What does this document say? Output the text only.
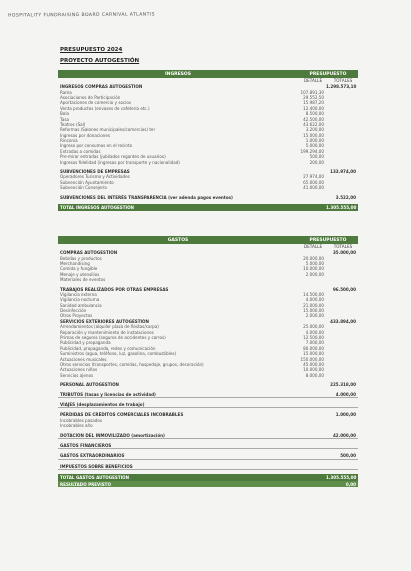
HOSPITALITY FUNDRAISING BOARD CARNIVAL ATLANTIS
PRESUPUESTO 2024
PROYECTO AUTOGESTIÓN
INGRESOS	PRESUPUESTO
DETALLE	TOTALES
INGRESOS COMPRAS AUTOGESTION	1.298.573,10
Rama	107.891,30
Asociaciones de Participación	29.552,50
Aportaciones de comercio y socios	15.987,20
Venta productos (envases de cafetería etc.)	12.400,00
Bola	8.500,00
Tasa	42.500,00
Teatros (Sal)	43.622,00
Reformas (Salones municipales/comercios) ter	3.200,00
Ingresos por donaciones	15.000,00
Rinconia	1.000,00
Ingreso por consumos en el recinto	5.000,00
Entradas a comidas	199.294,00
Pre-mirar entradas (jubilados regantes de usuarios)	500,00
Ingresos fidelidad (ingresos por transporte y nacionalidad)	200,00
SUBVENCIONES DE EMPRESAS	133.974,00
Operadores Turismo y Actividades	27.974,00
Subvención Ayuntamiento	65.000,00
Subvención Consejería	41.000,00
SUBVENCIONES DEL INTERÉS TRANSPARENCIA (ver adenda pagos eventos)	3.522,00
TOTAL INGRESOS AUTOGESTIÓN	1.305.555,00
GASTOS	PRESUPUESTO
DETALLE	TOTALES
COMPRAS AUTOGESTIÓN	35.000,00
Bebidas y productos	20.000,00
Merchandising	5.000,00
Comida y fungible	10.000,00
Menaje y utensilios	2.000,00
Materiales de eventos
TRABAJOS REALIZADOS POR OTRAS EMPRESAS	96.500,00
Vigilancia externa	14.500,00
Vigilancia nocturna	4.000,00
Sanidad ambulancia	21.000,00
Desinfección	15.000,00
Otros Proyectos	2.000,00
SERVICIOS EXTERIORES AUTOGESTIÓN	433.894,00
Arrendamientos (alquiler plaza de fiestas/carpa)	25.000,00
Reparación y mantenimiento de instalaciones	4.000,00
Primas de seguros (seguros de accidentes y carros)	12.500,00
Publicidad y propaganda	7.000,00
Publicidad, propaganda, redes y comunicación	80.000,00
Suministros (agua, teléfono, luz, gasolina, combustibles)	15.000,00
Actuaciones musicales	150.000,00
Otros servicios (transportes, comidas, hospedaje, grupos, decoración)	45.000,00
Actuaciones niños	10.000,00
Servicios ajenos	8.000,00
PERSONAL AUTOGESTIÓN	225.318,00
TRIBUTOS (tasas y licencias de actividad)	4.000,00
VIAJES (desplazamientos de trabajo)
PÉRDIDAS DE CRÉDITOS COMERCIALES INCOBRABLES	1.000,00
Incobrables pasados
Incobrables año
DOTACIÓN DEL INMOVILIZADO (amortización)	42.000,00
GASTOS FINANCIEROS
GASTOS EXTRAORDINARIOS	500,00
IMPUESTOS SOBRE BENEFICIOS
TOTAL GASTOS AUTOGESTIÓN	1.305.555,00
RESULTADO PREVISTO	0,00
